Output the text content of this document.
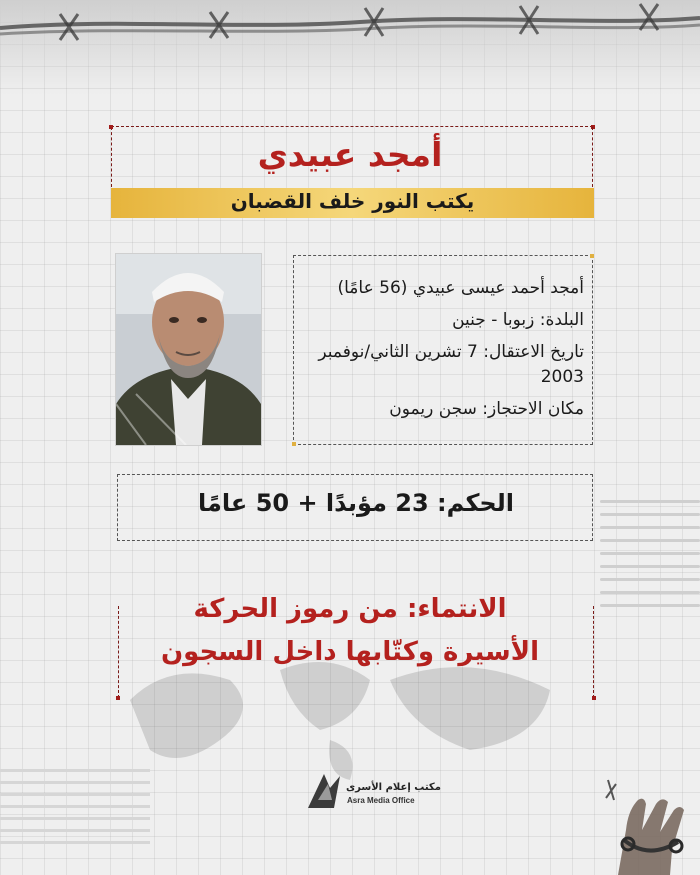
أمجد عبيدي
يكتب النور خلف القضبان
أمجد أحمد عيسى عبيدي (56 عامًا)
البلدة: زبوبا - جنين
تاريخ الاعتقال: 7 تشرين الثاني/نوفمبر 2003
مكان الاحتجاز: سجن ريمون
الحكم: 23 مؤبدًا + 50 عامًا
الانتماء: من رموز الحركة
الأسيرة وكتّابها داخل السجون
مكتب إعلام الأسرى
Asra Media Office
